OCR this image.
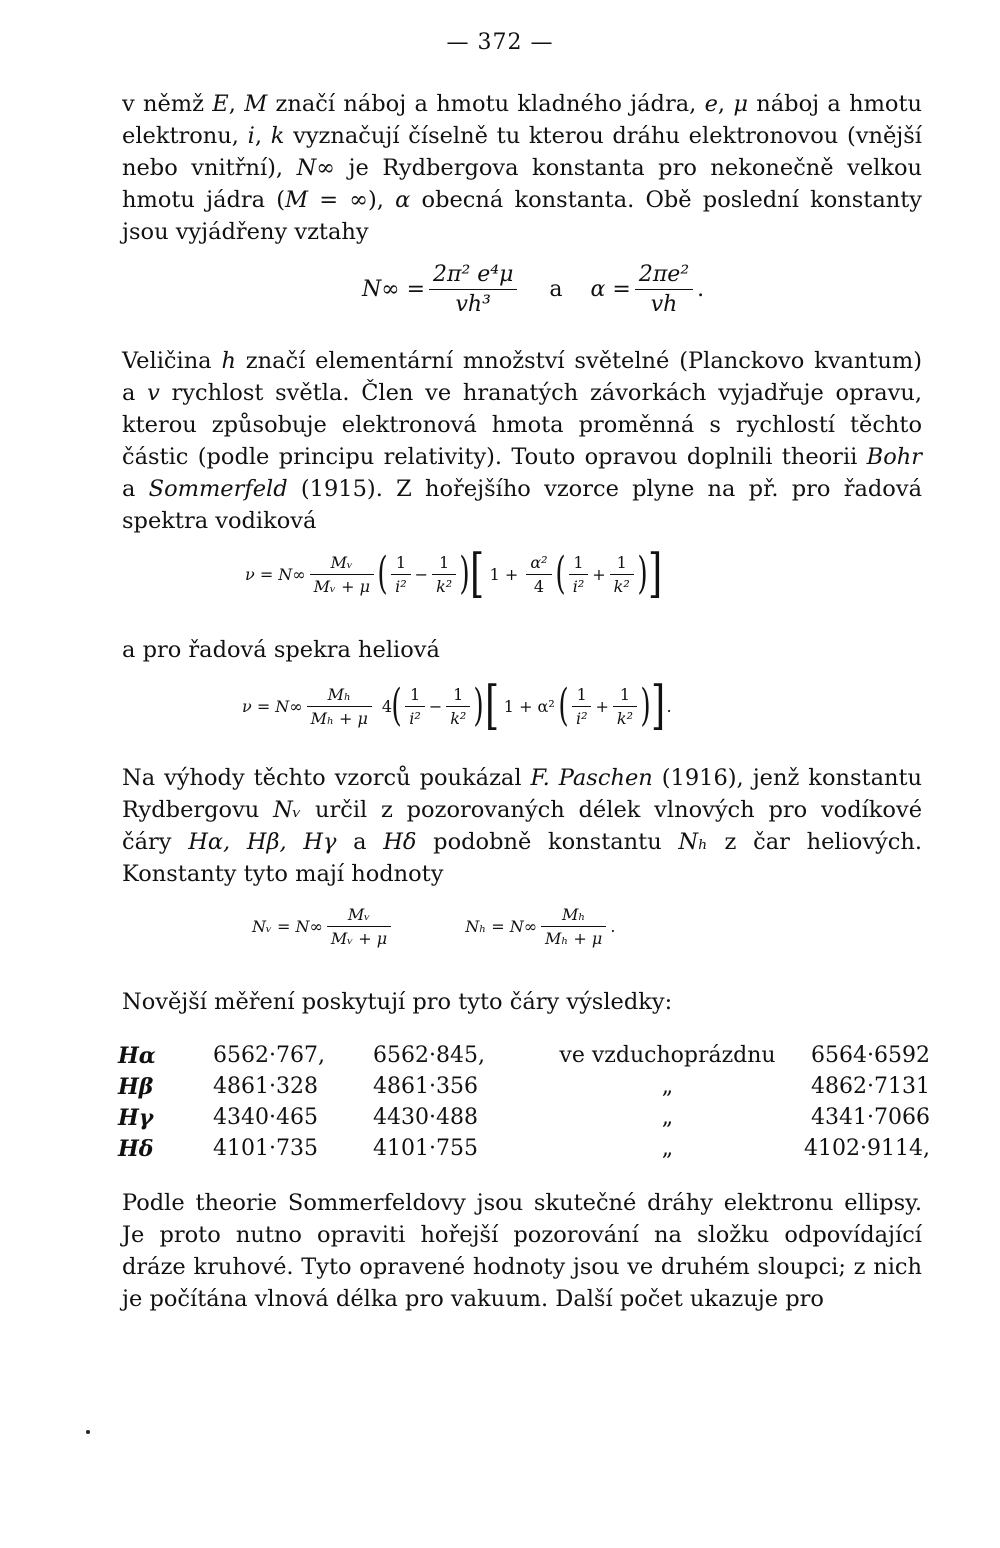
— 372 —
v němž E, M značí náboj a hmotu kladného jádra, e, μ náboj a hmotu elektronu, i, k vyznačují číselně tu kterou dráhu elektronovou (vnější nebo vnitřní), N∞ je Rydbergova konstanta pro nekonečně velkou hmotu jádra (M = ∞), α obecná konstanta. Obě poslední konstanty jsou vyjádřeny vztahy
$N\infty = \frac{\text{2π² e⁴μ}}{\text{vh³}}$ a $\alpha = \frac{\text{2πe²}}{vh}$ .
Veličina h značí elementární množství světelné (Planckovo kvantum) a v rychlost světla. Člen ve hranatých závorkách vyjadřuje opravu, kterou způsobuje elektronová hmota proměnná s rychlostí těchto částic (podle principu relativity). Touto opravou doplnili theorii Bohr a Sommerfeld (1915). Z hořejšího vzorce plyne na př. pro řadová spektra vodiková
$\nu = N\infty \frac{\text{Mᵥ}}{\text{Mᵥ + μ}}$ ( $\frac{1}{\text{i²}} - \frac{1}{\text{k²}}$ ) [ $1 + \frac{\text{α²}}{4}$ ( $\frac{1}{\text{i²}} + \frac{1}{\text{k²}}$ ) ]
a pro řadová spekra heliová
$\nu = N\infty \frac{\text{Mₕ}}{\text{Mₕ + μ}} 4$ ( $\frac{1}{\text{i²}} - \frac{1}{\text{k²}}$ ) [ 1 + α² ( $\frac{1}{\text{i²}} + \frac{1}{\text{k²}}$ ) ] .
Na výhody těchto vzorců poukázal F. Paschen (1916), jenž konstantu Rydbergovu Nᵥ určil z pozorovaných délek vlnových pro vodíkové čáry Hα, Hβ, Hγ a Hδ podobně konstantu Nₕ z čar heliových. Konstanty tyto mají hodnoty
Nᵥ = $N\infty \frac{\text{Mᵥ}}{\text{Mᵥ + μ}}$	$N_h = N\infty \frac{\text{Mₕ}}{\text{Mₕ + μ}}$ .
Novější měření poskytují pro tyto čáry výsledky:
Hα	6562·767,	6562·845,	ve vzduchoprázdnu	6564·6592
Hβ	4861·328	4861·356	„	4862·7131
Hγ	4340·465	4430·488	„	4341·7066
Hδ	4101·735	4101·755	„	4102·9114,
Podle theorie Sommerfeldovy jsou skutečné dráhy elektronu ellipsy. Je proto nutno opraviti hořejší pozorování na složku odpovídající dráze kruhové. Tyto opravené hodnoty jsou ve druhém sloupci; z nich je počítána vlnová délka pro vakuum. Další počet ukazuje pro
